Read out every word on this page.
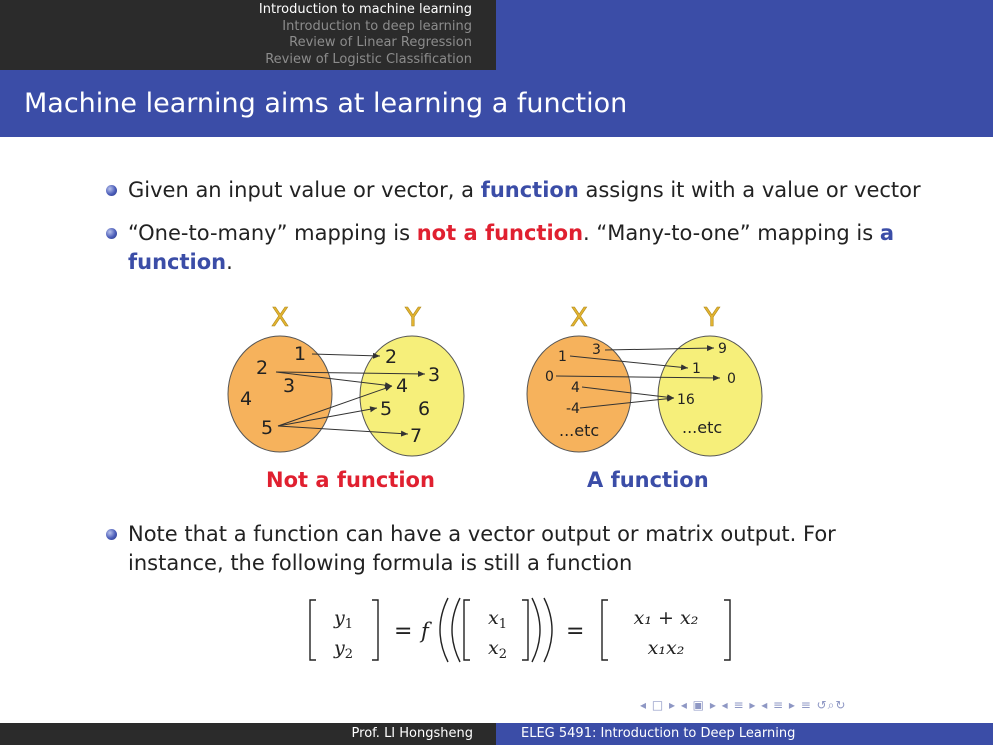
Introduction to machine learning
Introduction to deep learning
Review of Linear Regression
Review of Logistic Classification
Machine learning aims at learning a function
Given an input value or vector, a function assigns it with a value or vector
“One-to-many” mapping is not a function. “Many-to-one” mapping is a function.
X	Y
1
2
3
4
5
2
3
4
5 6
7
Not a function
X	Y
1 3
0
4
-4
...etc
9
1
0
16
...etc
A function
Note that a function can have a vector output or matrix output. For instance, the following formula is still a function
$y_1$
$y_2$
= f
$x_1$
$x_2$
=
x₁ + x₂
x₁x₂
◂ □ ▸ ◂ ▣ ▸ ◂ ≡ ▸ ◂ ≡ ▸ ≡ ↺⌕↻
Prof. LI Hongsheng	ELEG 5491: Introduction to Deep Learning
